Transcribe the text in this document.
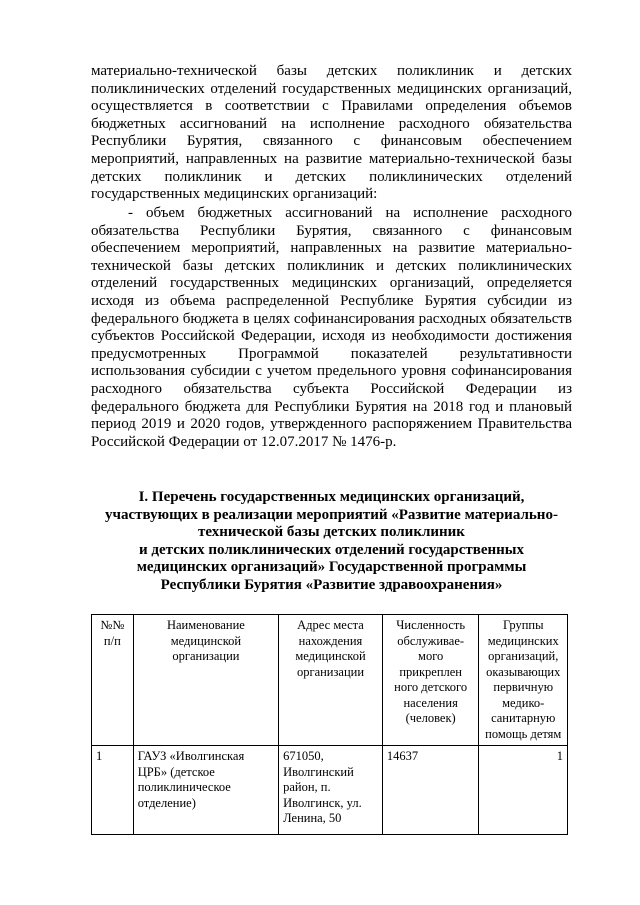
материально-технической базы детских поликлиник и детских поликлинических отделений государственных медицинских организаций, осуществляется в соответствии с Правилами определения объемов бюджетных ассигнований на исполнение расходного обязательства Республики Бурятия, связанного с финансовым обеспечением мероприятий, направленных на развитие материально-технической базы детских поликлиник и детских поликлинических отделений государственных медицинских организаций:

- объем бюджетных ассигнований на исполнение расходного обязательства Республики Бурятия, связанного с финансовым обеспечением мероприятий, направленных на развитие материально-технической базы детских поликлиник и детских поликлинических отделений государственных медицинских организаций, определяется исходя из объема распределенной Республике Бурятия субсидии из федерального бюджета в целях софинансирования расходных обязательств субъектов Российской Федерации, исходя из необходимости достижения предусмотренных Программой показателей результативности использования субсидии с учетом предельного уровня софинансирования расходного обязательства субъекта Российской Федерации из федерального бюджета для Республики Бурятия на 2018 год и плановый период 2019 и 2020 годов, утвержденного распоряжением Правительства Российской Федерации от 12.07.2017 № 1476-р.

I. Перечень государственных медицинских организаций,
участвующих в реализации мероприятий «Развитие материально-
технической базы детских поликлиник
и детских поликлинических отделений государственных
медицинских организаций» Государственной программы
Республики Бурятия «Развитие здравоохранения»
№№ п/п	Наименование медицинской организации	Адрес места нахождения медицинской организации	Численность обслуживае-мого прикреплен ного детского населения (человек)	Группы медицинских организаций, оказывающих первичную медико-санитарную помощь детям
1	ГАУЗ «Иволгинская ЦРБ» (детское поликлиническое отделение)	671050, Иволгинский район, п. Иволгинск, ул. Ленина, 50	14637	1
